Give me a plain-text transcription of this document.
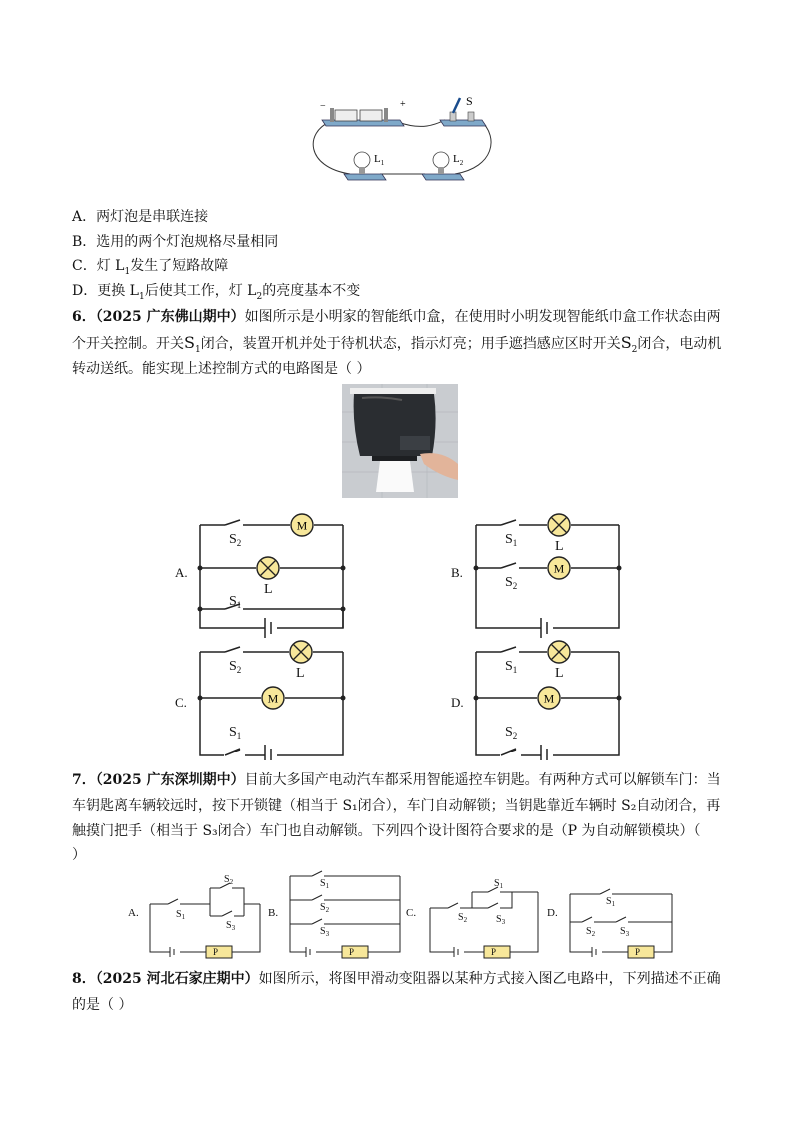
−	+	S
$L_1$	$L_2$
A．两灯泡是串联连接
B．选用的两个灯泡规格尽量相同
C．灯 $L_1$发生了短路故障
D．更换 $L_1$后使其工作，灯 $L_2$的亮度基本不变
6．（2025 广东佛山期中）如图所示是小明家的智能纸巾盒，在使用时小明发现智能纸巾盒工作状态由两
个开关控制。开关$S_1$闭合，装置开机并处于待机状态，指示灯亮；用手遮挡感应区时开关$S_2$闭合，电动机
转动送纸。能实现上述控制方式的电路图是（ ）
M
M
M	M
A.
$S_2$
L
$S_1$
B.
$S_1$	L
$S_2$
C.
$S_2$	L
$S_1$
D.
$S_1$	L
$S_2$
7．（2025 广东深圳期中）目前大多国产电动汽车都采用智能遥控车钥匙。有两种方式可以解锁车门：当
车钥匙离车辆较远时，按下开锁键（相当于 S₁闭合），车门自动解锁；当钥匙靠近车辆时 S₂自动闭合，再
触摸门把手（相当于 S₃闭合）车门也自动解锁。下列四个设计图符合要求的是（P 为自动解锁模块）（
）
A.
P
$S_1$
$S_2$
$S_3$
B.
P
$S_1$
$S_2$
$S_3$
C.
P
$S_2$
$S_1$
$S_3$
D.
P
$S_1$
$S_2$ $S_3$
8．（2025 河北石家庄期中）如图所示，将图甲滑动变阻器以某种方式接入图乙电路中，下列描述不正确
的是（ ）
